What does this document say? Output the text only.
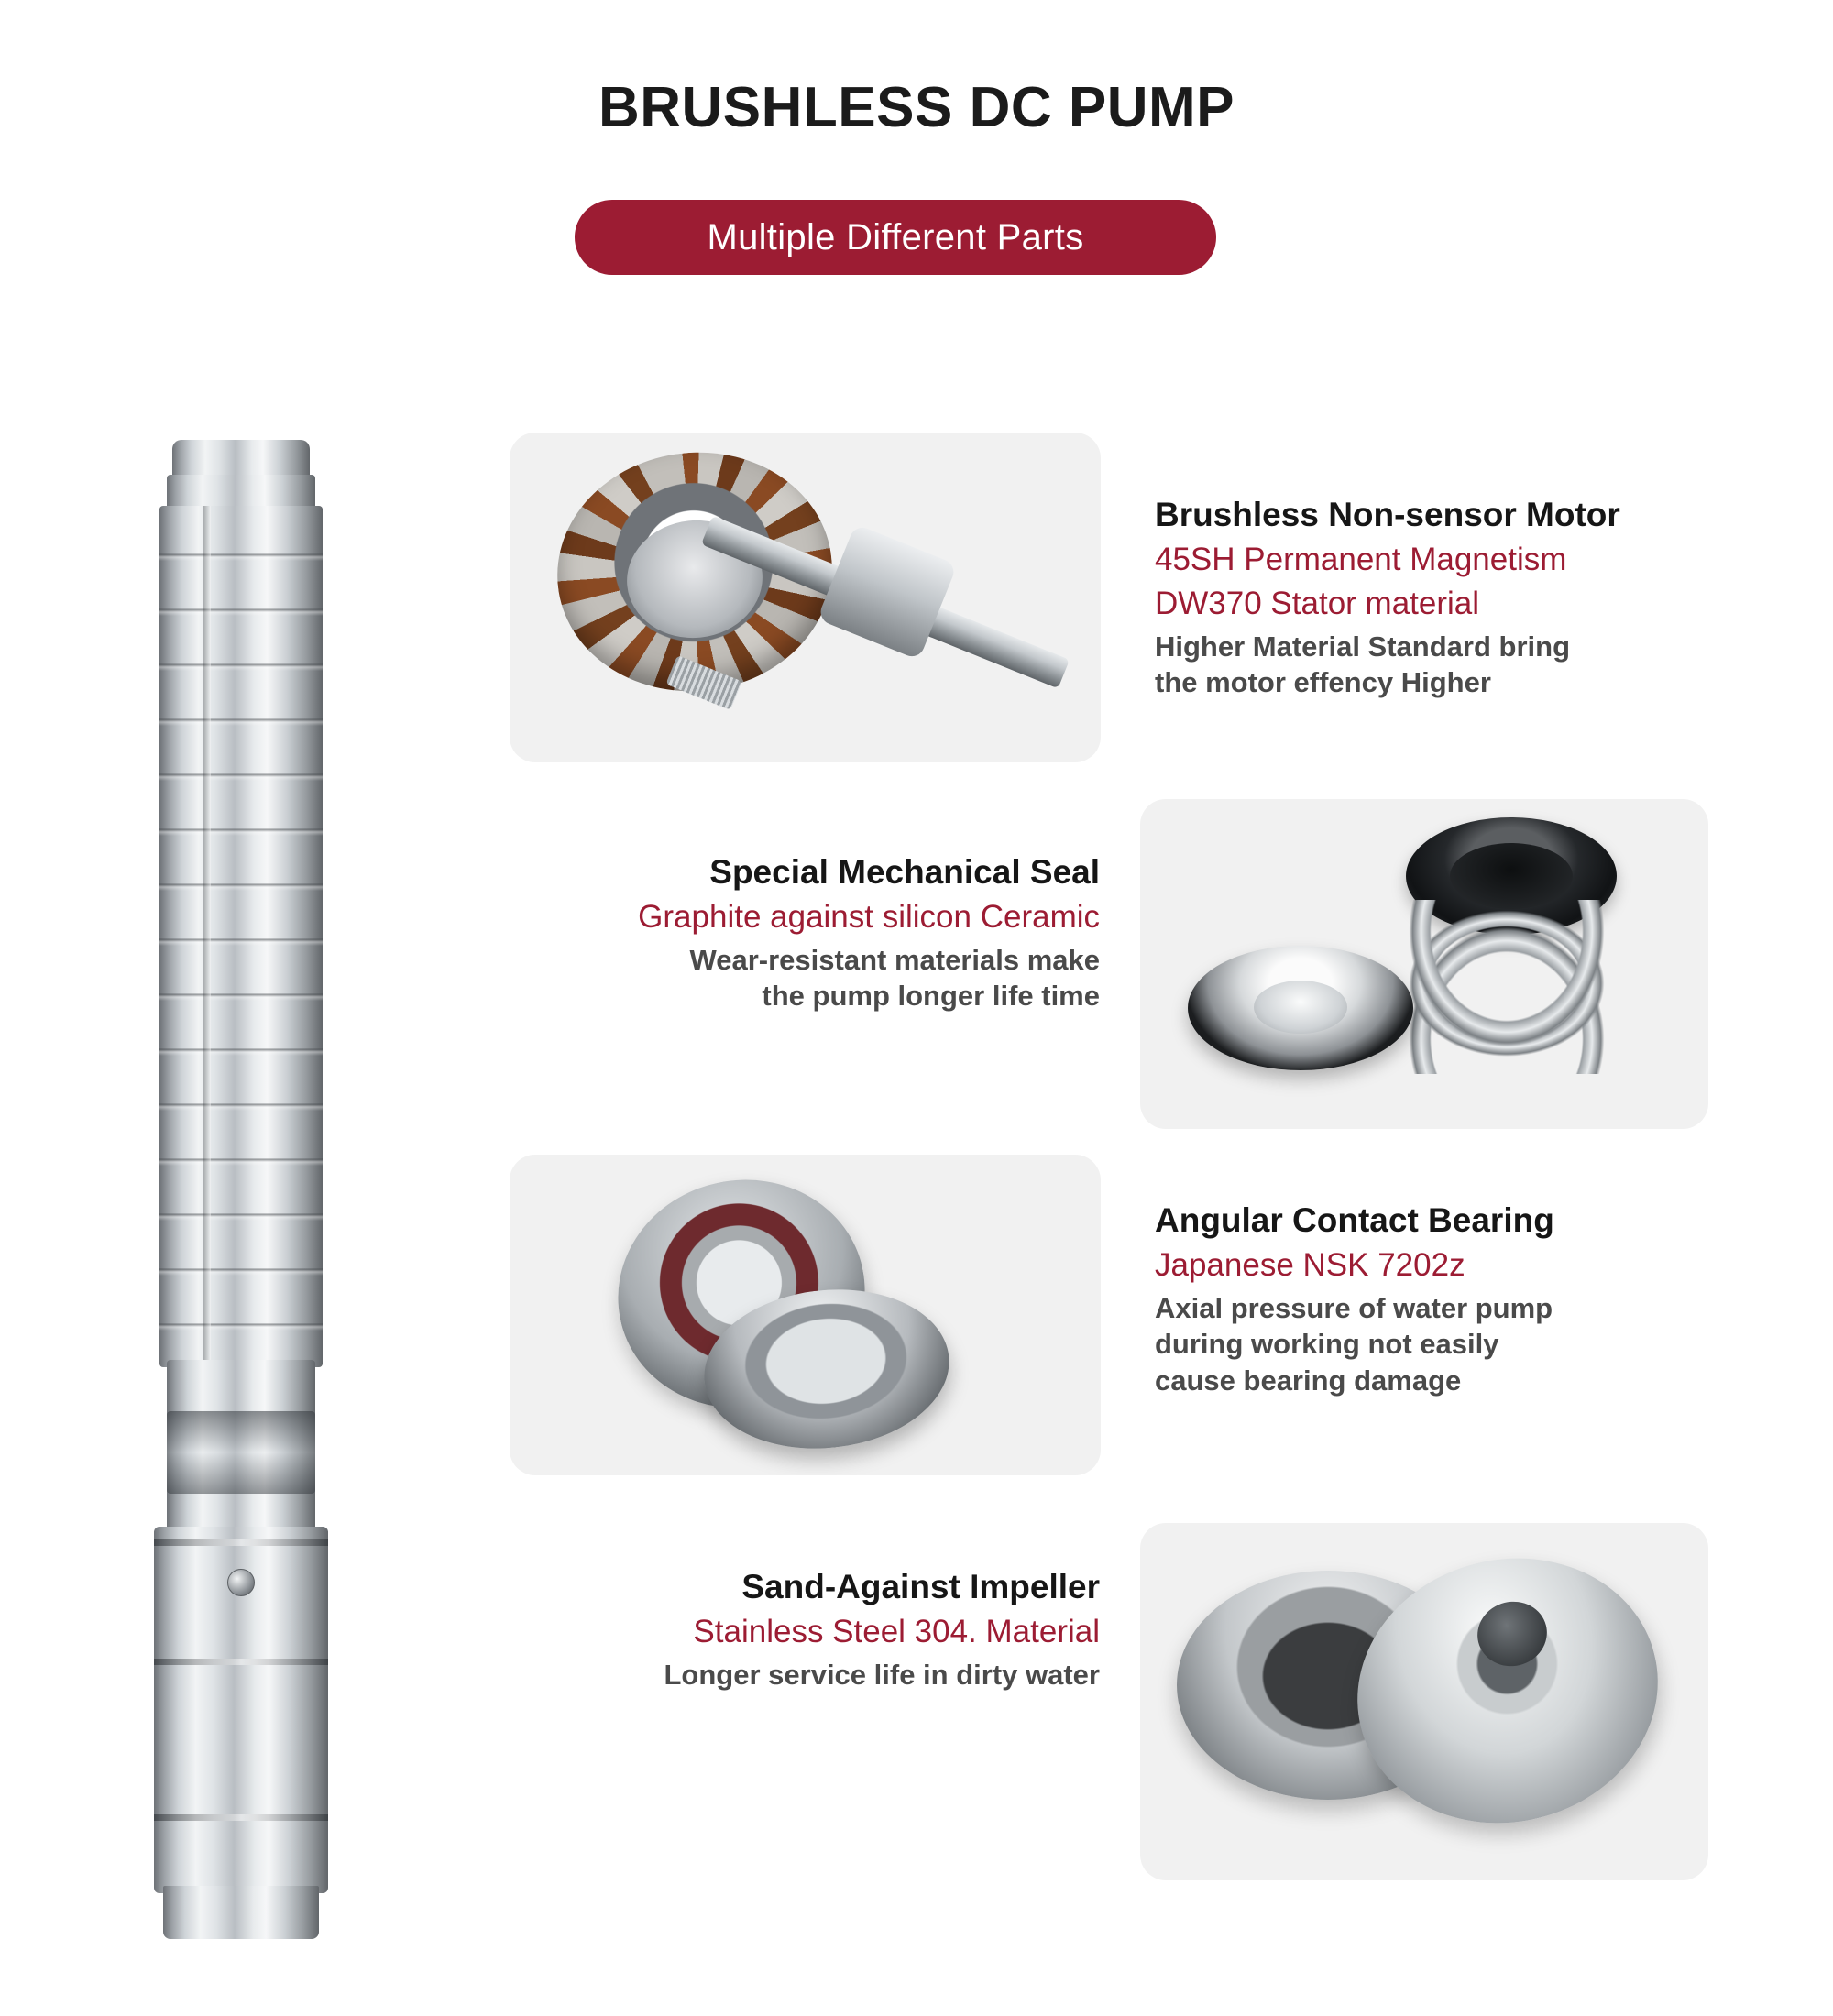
BRUSHLESS DC PUMP
Multiple Different Parts
Brushless Non-sensor Motor
45SH Permanent Magnetism
DW370 Stator material
Higher Material Standard bring
the motor effency Higher
Special Mechanical Seal
Graphite against silicon Ceramic
Wear-resistant materials make
the pump longer life time
Angular Contact Bearing
Japanese NSK 7202z
Axial pressure of water pump
during working not easily
cause bearing damage
Sand-Against Impeller
Stainless Steel 304. Material
Longer service life in dirty water
